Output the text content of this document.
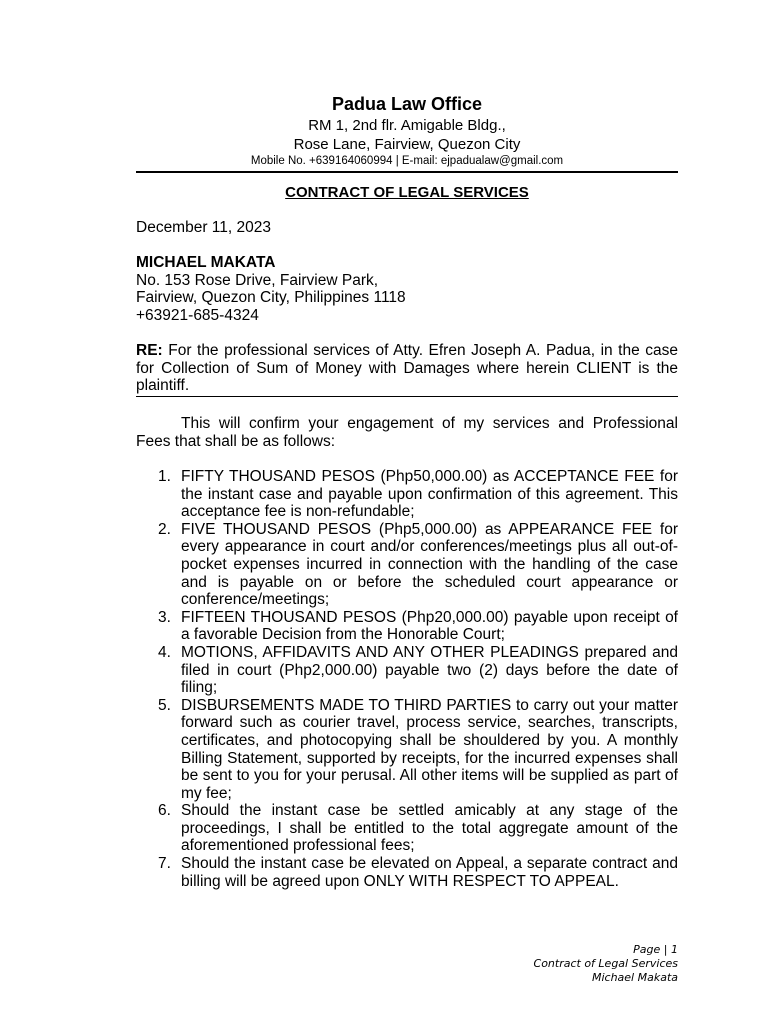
Padua Law Office
RM 1, 2nd flr. Amigable Bldg.,
Rose Lane, Fairview, Quezon City
Mobile No. +639164060994 | E-mail: ejpadualaw@gmail.com
CONTRACT OF LEGAL SERVICES
December 11, 2023
MICHAEL MAKATA
No. 153 Rose Drive, Fairview Park,
Fairview, Quezon City, Philippines 1118
+63921-685-4324
RE: For the professional services of Atty. Efren Joseph A. Padua, in the case for Collection of Sum of Money with Damages where herein CLIENT is the plaintiff.
This will confirm your engagement of my services and Professional Fees that shall be as follows:
1. FIFTY THOUSAND PESOS (Php50,000.00) as ACCEPTANCE FEE for the instant case and payable upon confirmation of this agreement. This acceptance fee is non-refundable;
2. FIVE THOUSAND PESOS (Php5,000.00) as APPEARANCE FEE for every appearance in court and/or conferences/meetings plus all out-of-pocket expenses incurred in connection with the handling of the case and is payable on or before the scheduled court appearance or conference/meetings;
3. FIFTEEN THOUSAND PESOS (Php20,000.00) payable upon receipt of a favorable Decision from the Honorable Court;
4. MOTIONS, AFFIDAVITS AND ANY OTHER PLEADINGS prepared and filed in court (Php2,000.00) payable two (2) days before the date of filing;
5. DISBURSEMENTS MADE TO THIRD PARTIES to carry out your matter forward such as courier travel, process service, searches, transcripts, certificates, and photocopying shall be shouldered by you. A monthly Billing Statement, supported by receipts, for the incurred expenses shall be sent to you for your perusal. All other items will be supplied as part of my fee;
6. Should the instant case be settled amicably at any stage of the proceedings, I shall be entitled to the total aggregate amount of the aforementioned professional fees;
7. Should the instant case be elevated on Appeal, a separate contract and billing will be agreed upon ONLY WITH RESPECT TO APPEAL.
Page | 1
Contract of Legal Services
Michael Makata
